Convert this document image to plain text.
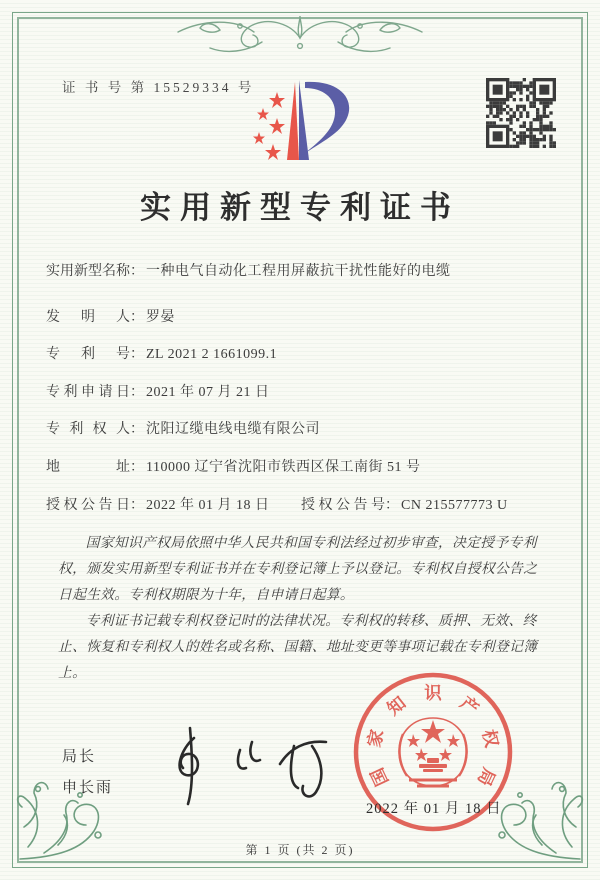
证 书 号 第 15529334 号
实用新型专利证书
实用新型名称： 一种电气自动化工程用屏蔽抗干扰性能好的电缆
发明人： 罗晏
专利号： ZL 2021 2 1661099.1
专利申请日： 2021 年 07 月 21 日
专利权人： 沈阳辽缆电线电缆有限公司
地址： 110000 辽宁省沈阳市铁西区保工南街 51 号
授权公告日： 2022 年 01 月 18 日 授权公告号： CN 215577773 U

国家知识产权局依照中华人民共和国专利法经过初步审查，决定授予专利权，颁发实用新型专利证书并在专利登记簿上予以登记。专利权自授权公告之日起生效。专利权期限为十年，自申请日起算。

专利证书记载专利权登记时的法律状况。专利权的转移、质押、无效、终止、恢复和专利权人的姓名或名称、国籍、地址变更等事项记载在专利登记簿上。

局长
申长雨	国
家
知 识 产
权
局
2022 年 01 月 18 日
第 1 页 (共 2 页)
